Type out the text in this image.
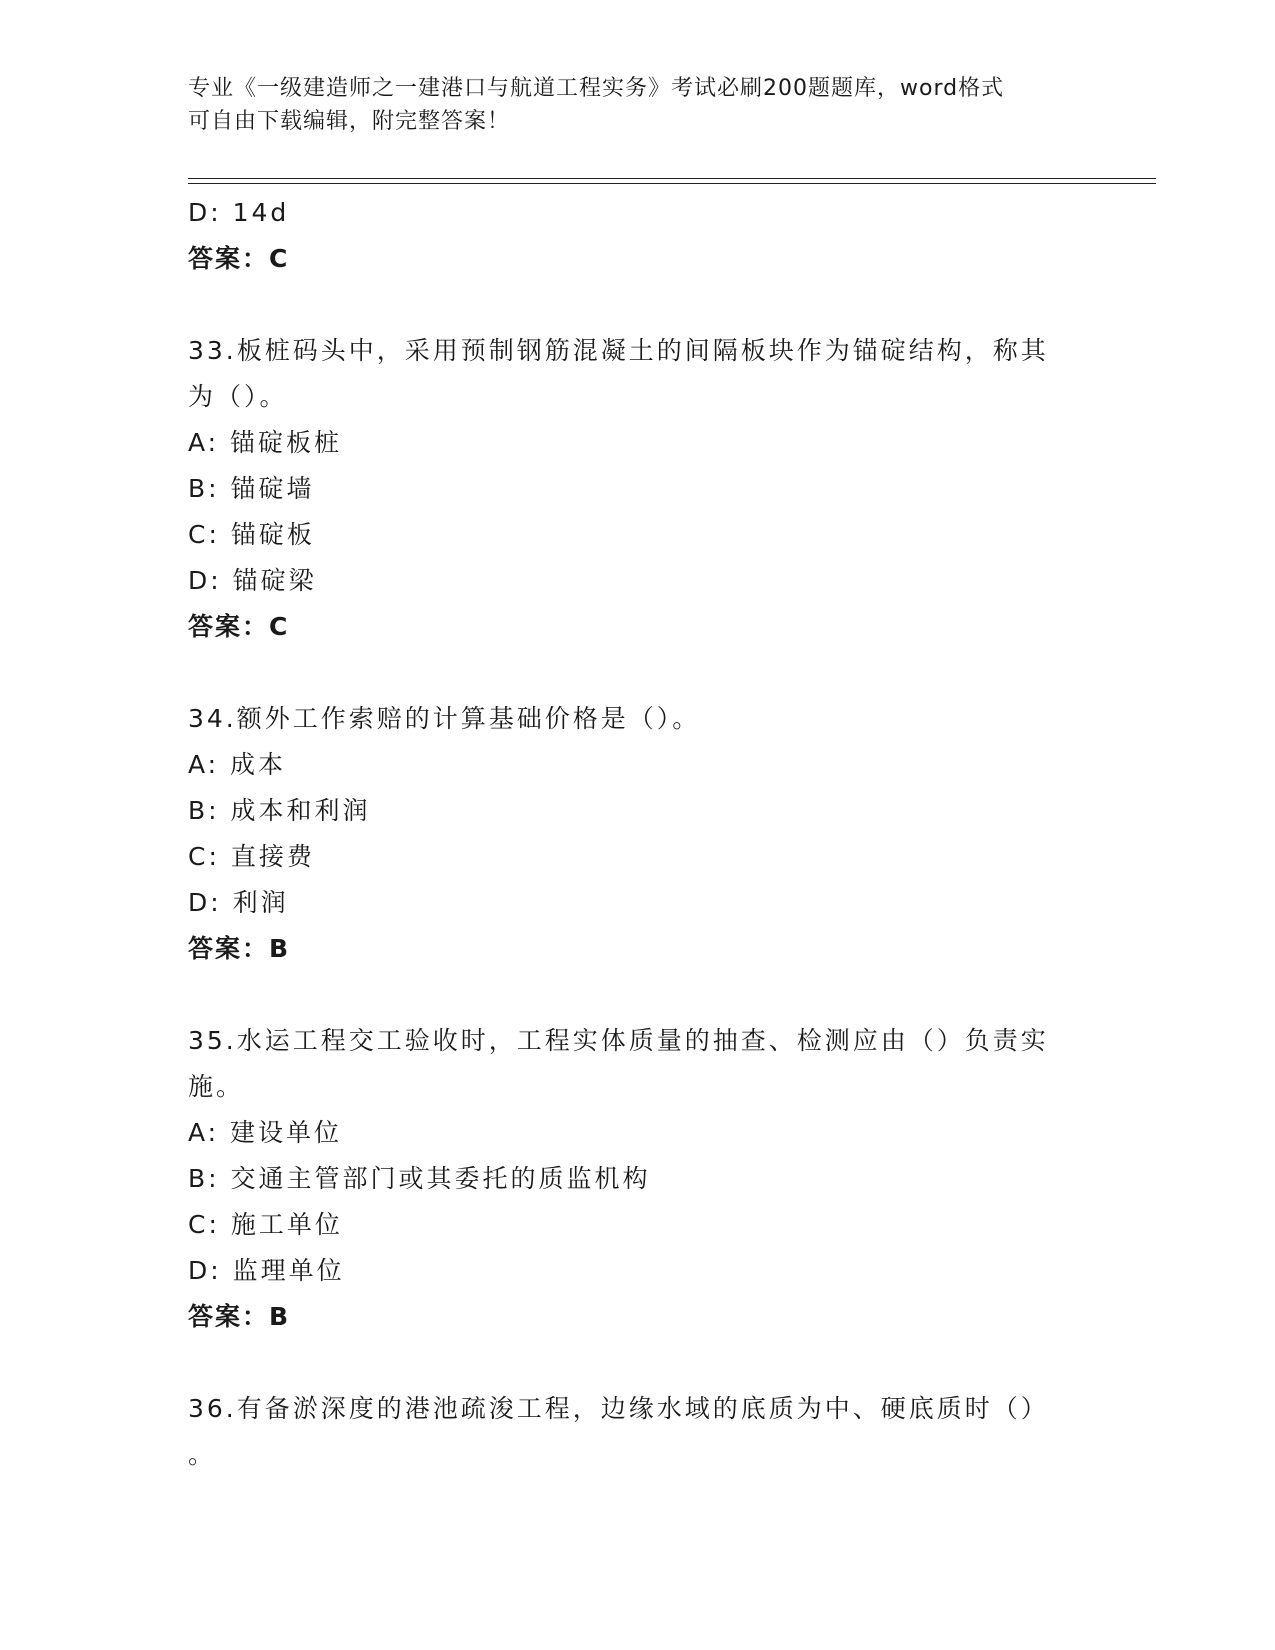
专业《一级建造师之一建港口与航道工程实务》考试必刷200题题库，word格式
可自由下载编辑，附完整答案！
D: 14d
答案：C
33.板桩码头中，采用预制钢筋混凝土的间隔板块作为锚碇结构，称其
为（）。
A: 锚碇板桩
B: 锚碇墙
C: 锚碇板
D: 锚碇梁
答案：C
34.额外工作索赔的计算基础价格是（）。
A: 成本
B: 成本和利润
C: 直接费
D: 利润
答案：B
35.水运工程交工验收时，工程实体质量的抽查、检测应由（）负责实
施。
A: 建设单位
B: 交通主管部门或其委托的质监机构
C: 施工单位
D: 监理单位
答案：B
36.有备淤深度的港池疏浚工程，边缘水域的底质为中、硬底质时（）
。
